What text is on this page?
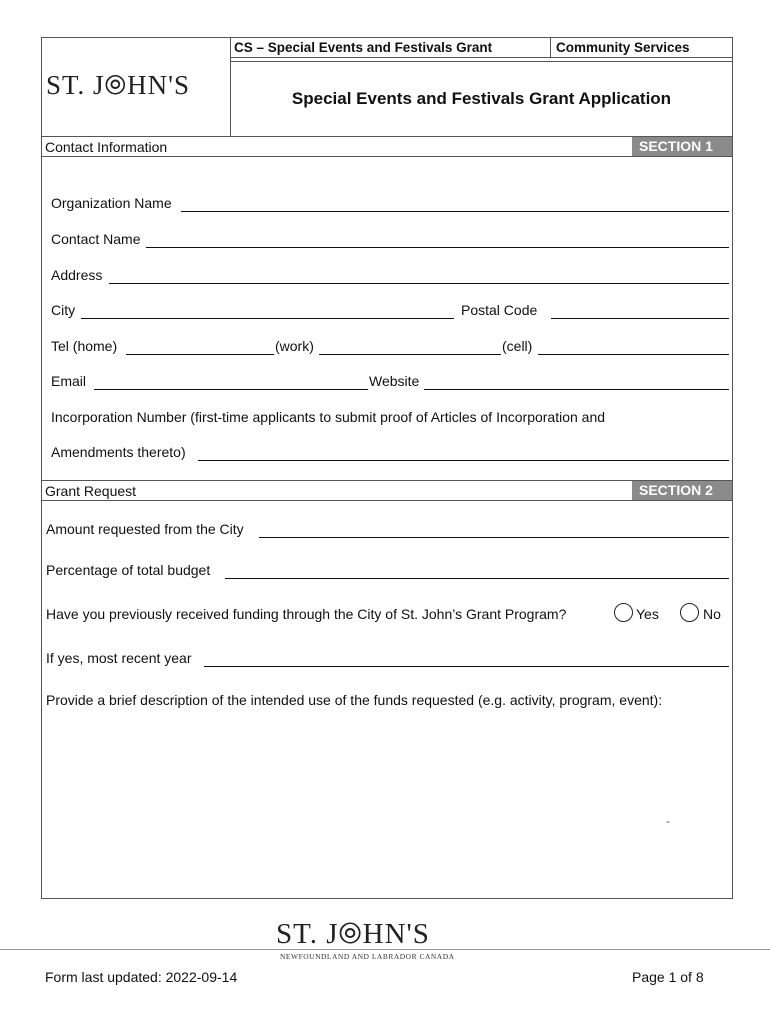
ST. J⦾HN'S
CS – Special Events and Festivals Grant	Community Services
Special Events and Festivals Grant Application
Contact Information	SECTION 1
Organization Name
Contact Name
Address
City	Postal Code
Tel (home)	(work)	(cell)
Email	Website
Incorporation Number (first-time applicants to submit proof of Articles of Incorporation and
Amendments thereto)
Grant Request	SECTION 2
Amount requested from the City
Percentage of total budget
Have you previously received funding through the City of St. John’s Grant Program?	Yes	No
If yes, most recent year
Provide a brief description of the intended use of the funds requested (e.g. activity, program, event):
-
ST. J⦾HN'S
NEWFOUNDLAND AND LABRADOR CANADA
Form last updated: 2022-09-14	Page 1 of 8
